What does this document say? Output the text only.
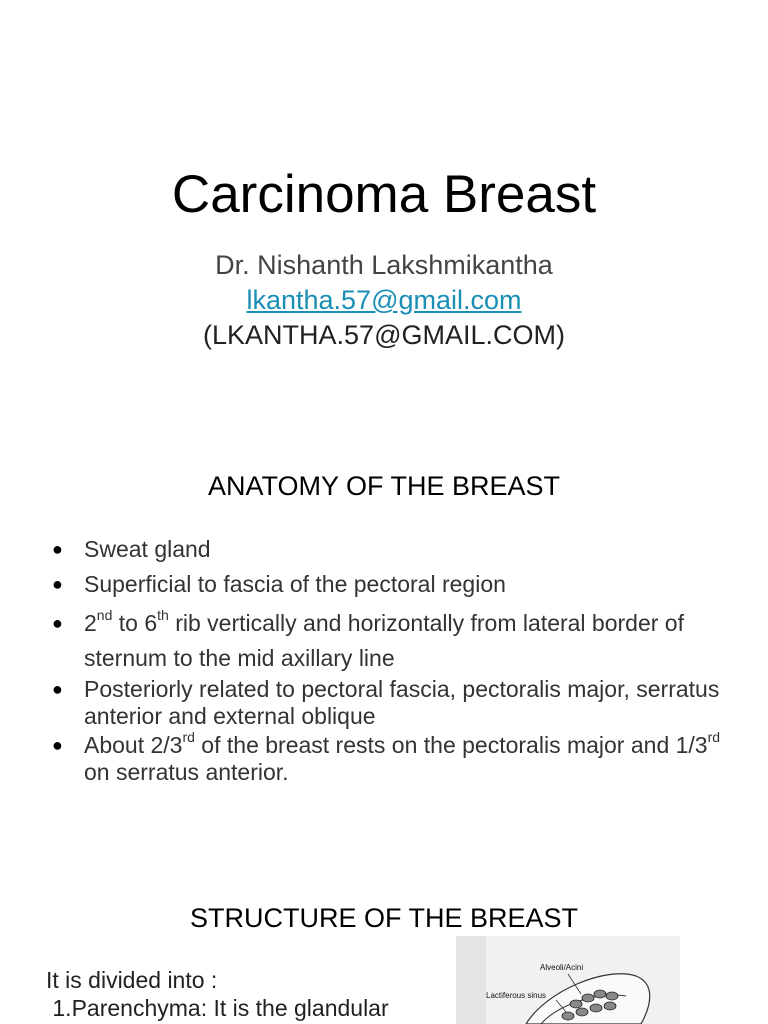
Carcinoma Breast
Dr. Nishanth Lakshmikantha
lkantha.57@gmail.com
(LKANTHA.57@GMAIL.COM)
ANATOMY OF THE BREAST
● Sweat gland
● Superficial to fascia of the pectoral region
● 2nd to 6th rib vertically and horizontally from lateral border of sternum to the mid axillary line
● Posteriorly related to pectoral fascia, pectoralis major, serratus anterior and external oblique
● About 2/3rd of the breast rests on the pectoralis major and 1/3rd on serratus anterior.
STRUCTURE OF THE BREAST
It is divided into :
1.Parenchyma: It is the glandular
Alveoli/Acini
Lactiferous sinus
